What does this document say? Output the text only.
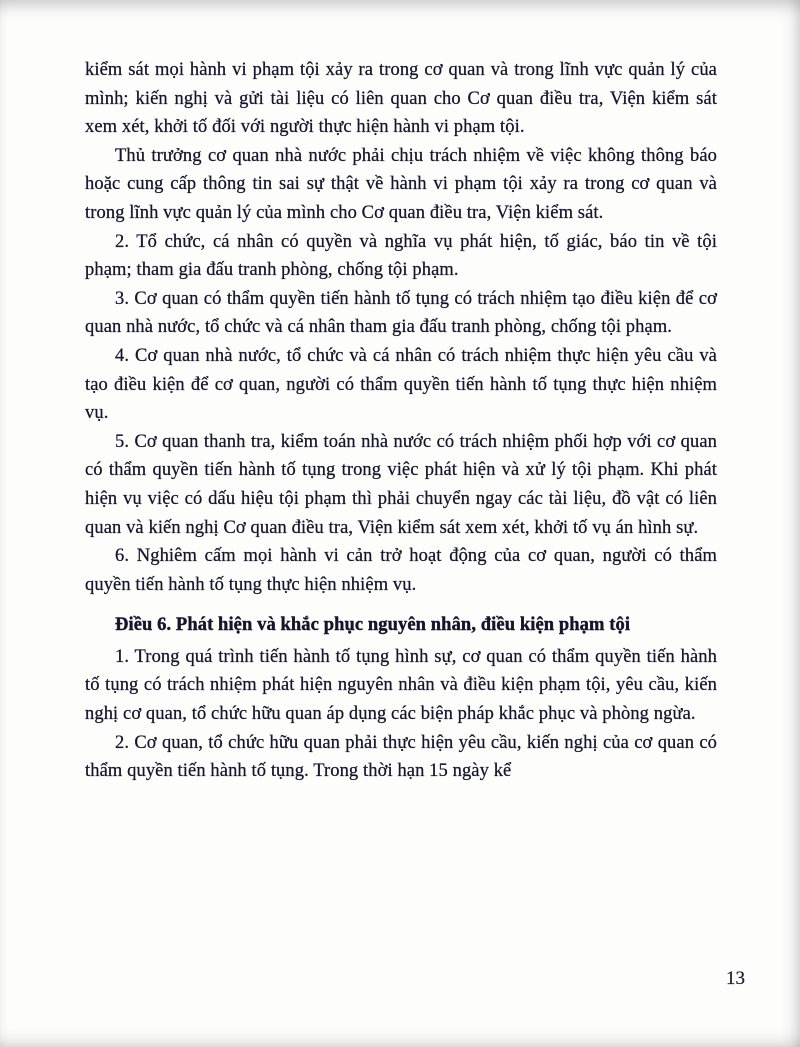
kiểm sát mọi hành vi phạm tội xảy ra trong cơ quan và trong lĩnh vực quản lý của mình; kiến nghị và gửi tài liệu có liên quan cho Cơ quan điều tra, Viện kiểm sát xem xét, khởi tố đối với người thực hiện hành vi phạm tội.

Thủ trưởng cơ quan nhà nước phải chịu trách nhiệm về việc không thông báo hoặc cung cấp thông tin sai sự thật về hành vi phạm tội xảy ra trong cơ quan và trong lĩnh vực quản lý của mình cho Cơ quan điều tra, Viện kiểm sát.

2. Tổ chức, cá nhân có quyền và nghĩa vụ phát hiện, tố giác, báo tin về tội phạm; tham gia đấu tranh phòng, chống tội phạm.

3. Cơ quan có thẩm quyền tiến hành tố tụng có trách nhiệm tạo điều kiện để cơ quan nhà nước, tổ chức và cá nhân tham gia đấu tranh phòng, chống tội phạm.

4. Cơ quan nhà nước, tổ chức và cá nhân có trách nhiệm thực hiện yêu cầu và tạo điều kiện để cơ quan, người có thẩm quyền tiến hành tố tụng thực hiện nhiệm vụ.

5. Cơ quan thanh tra, kiểm toán nhà nước có trách nhiệm phối hợp với cơ quan có thẩm quyền tiến hành tố tụng trong việc phát hiện và xử lý tội phạm. Khi phát hiện vụ việc có dấu hiệu tội phạm thì phải chuyển ngay các tài liệu, đồ vật có liên quan và kiến nghị Cơ quan điều tra, Viện kiểm sát xem xét, khởi tố vụ án hình sự.

6. Nghiêm cấm mọi hành vi cản trở hoạt động của cơ quan, người có thẩm quyền tiến hành tố tụng thực hiện nhiệm vụ.

Điều 6. Phát hiện và khắc phục nguyên nhân, điều kiện phạm tội

1. Trong quá trình tiến hành tố tụng hình sự, cơ quan có thẩm quyền tiến hành tố tụng có trách nhiệm phát hiện nguyên nhân và điều kiện phạm tội, yêu cầu, kiến nghị cơ quan, tổ chức hữu quan áp dụng các biện pháp khắc phục và phòng ngừa.

2. Cơ quan, tổ chức hữu quan phải thực hiện yêu cầu, kiến nghị của cơ quan có thẩm quyền tiến hành tố tụng. Trong thời hạn 15 ngày kể

13
